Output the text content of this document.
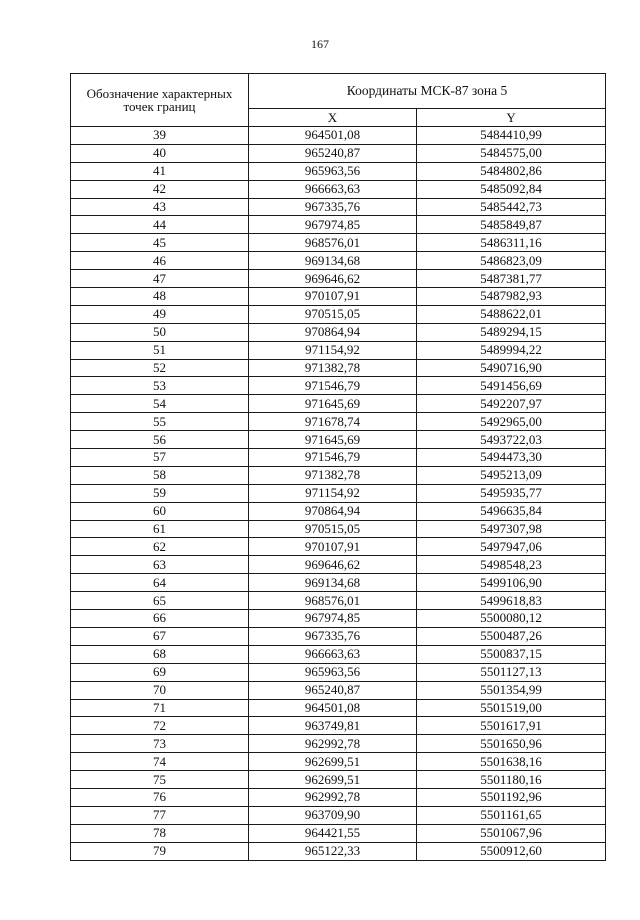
167
Обозначение характерных точек границ	Координаты МСК-87 зона 5	
	X	Y
39	964501,08	5484410,99
40	965240,87	5484575,00
41	965963,56	5484802,86
42	966663,63	5485092,84
43	967335,76	5485442,73
44	967974,85	5485849,87
45	968576,01	5486311,16
46	969134,68	5486823,09
47	969646,62	5487381,77
48	970107,91	5487982,93
49	970515,05	5488622,01
50	970864,94	5489294,15
51	971154,92	5489994,22
52	971382,78	5490716,90
53	971546,79	5491456,69
54	971645,69	5492207,97
55	971678,74	5492965,00
56	971645,69	5493722,03
57	971546,79	5494473,30
58	971382,78	5495213,09
59	971154,92	5495935,77
60	970864,94	5496635,84
61	970515,05	5497307,98
62	970107,91	5497947,06
63	969646,62	5498548,23
64	969134,68	5499106,90
65	968576,01	5499618,83
66	967974,85	5500080,12
67	967335,76	5500487,26
68	966663,63	5500837,15
69	965963,56	5501127,13
70	965240,87	5501354,99
71	964501,08	5501519,00
72	963749,81	5501617,91
73	962992,78	5501650,96
74	962699,51	5501638,16
75	962699,51	5501180,16
76	962992,78	5501192,96
77	963709,90	5501161,65
78	964421,55	5501067,96
79	965122,33	5500912,60
